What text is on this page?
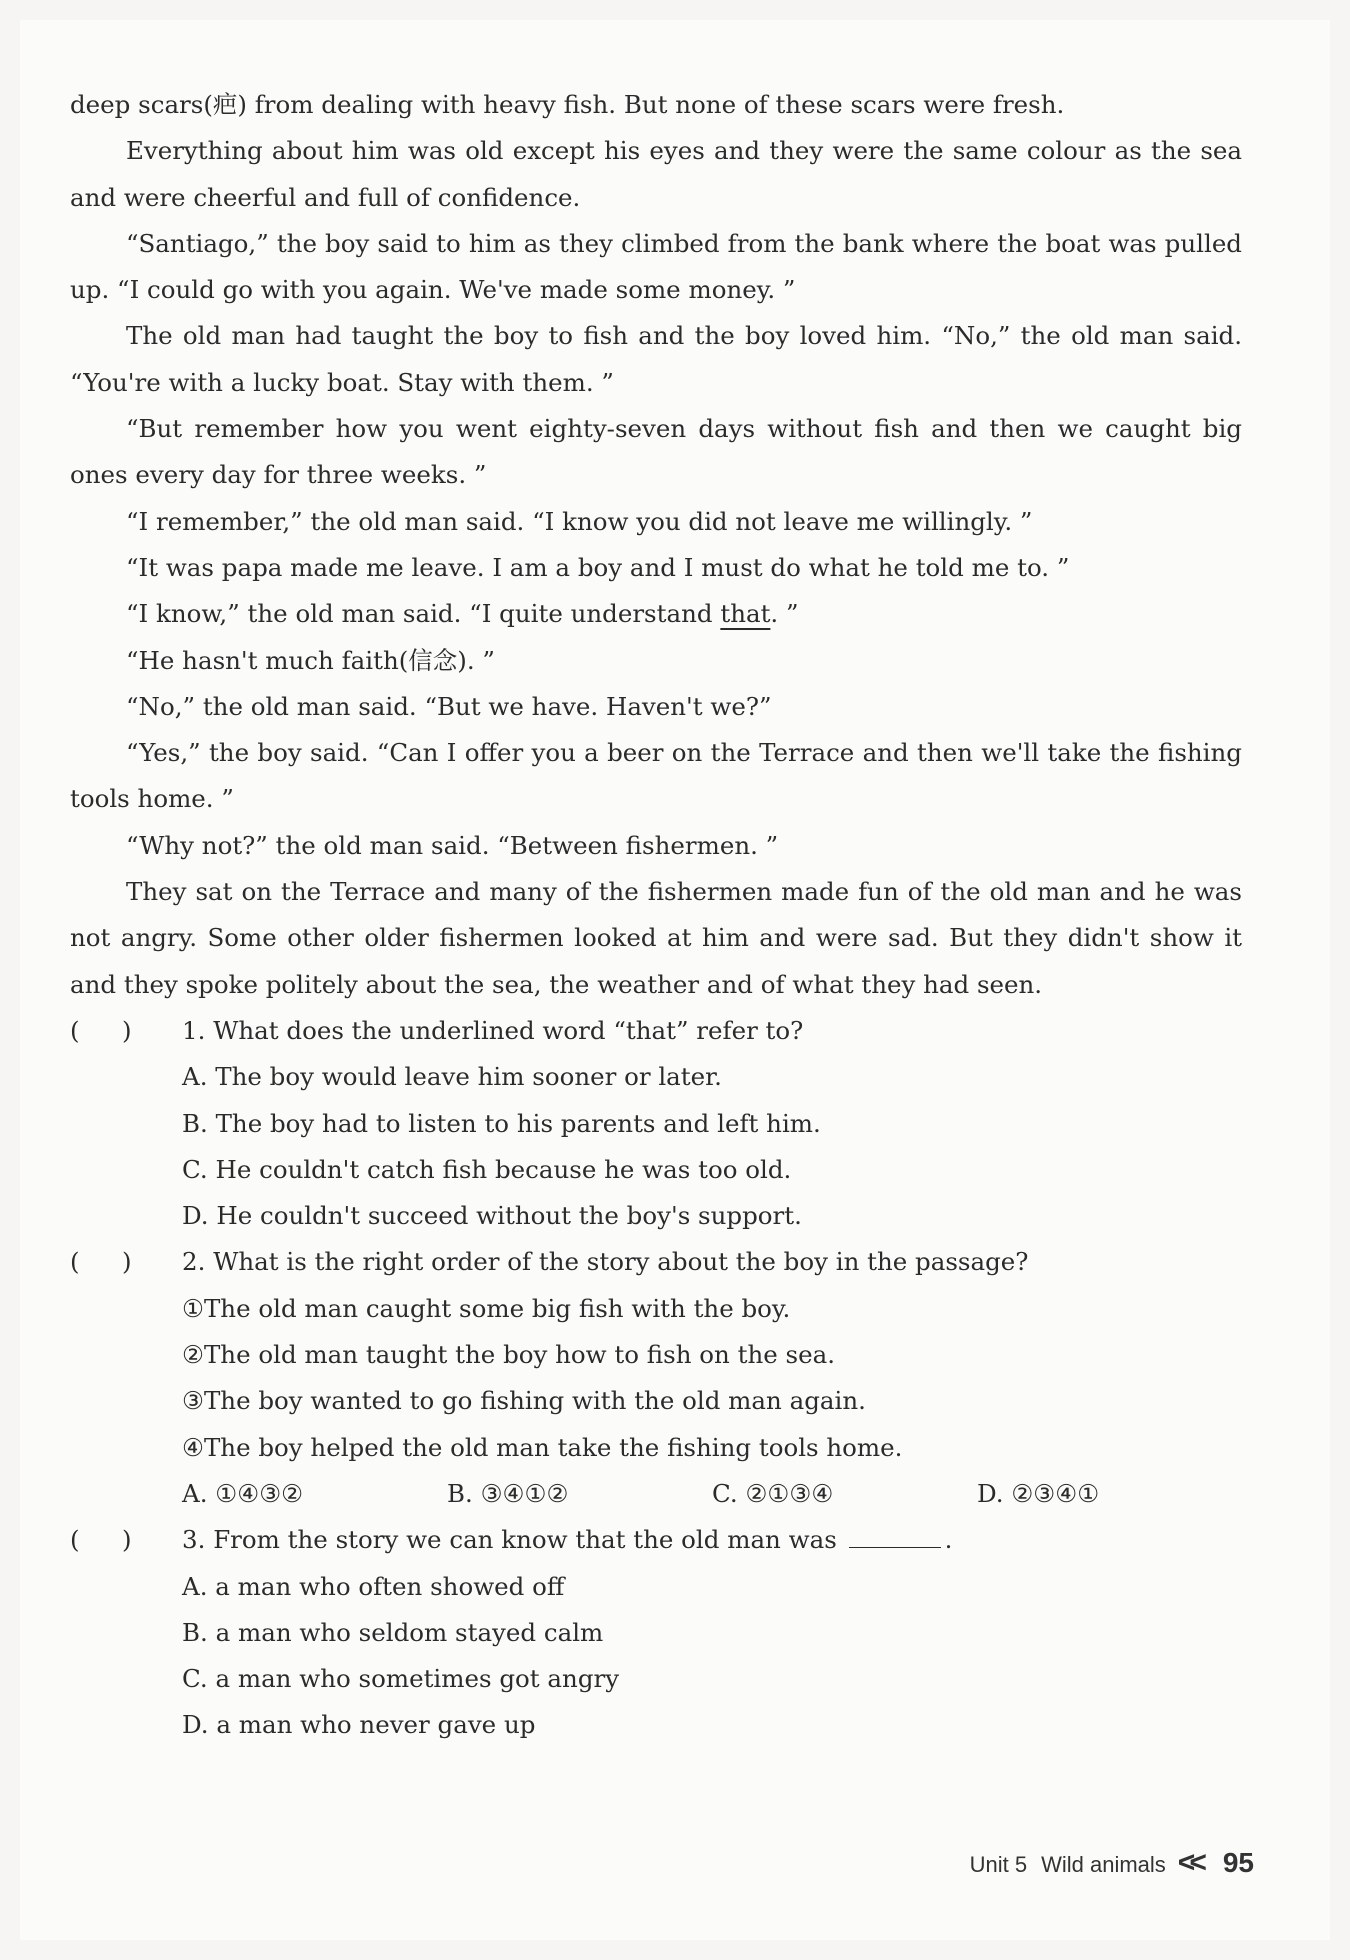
deep scars(疤) from dealing with heavy fish. But none of these scars were fresh.

Everything about him was old except his eyes and they were the same colour as the sea and were cheerful and full of confidence.

“Santiago,” the boy said to him as they climbed from the bank where the boat was pulled up. “I could go with you again. We've made some money. ”

The old man had taught the boy to fish and the boy loved him. “No,” the old man said. “You're with a lucky boat. Stay with them. ”

“But remember how you went eighty-seven days without fish and then we caught big ones every day for three weeks. ”

“I remember,” the old man said. “I know you did not leave me willingly. ”

“It was papa made me leave. I am a boy and I must do what he told me to. ”

“I know,” the old man said. “I quite understand that. ”

“He hasn't much faith(信念). ”

“No,” the old man said. “But we have. Haven't we?”

“Yes,” the boy said. “Can I offer you a beer on the Terrace and then we'll take the fishing tools home. ”

“Why not?” the old man said. “Between fishermen. ”

They sat on the Terrace and many of the fishermen made fun of the old man and he was not angry. Some other older fishermen looked at him and were sad. But they didn't show it and they spoke politely about the sea, the weather and of what they had seen.

( ) 1. What does the underlined word “that” refer to?

A. The boy would leave him sooner or later.

B. The boy had to listen to his parents and left him.

C. He couldn't catch fish because he was too old.

D. He couldn't succeed without the boy's support.

( ) 2. What is the right order of the story about the boy in the passage?

①The old man caught some big fish with the boy.

②The old man taught the boy how to fish on the sea.

③The boy wanted to go fishing with the old man again.

④The boy helped the old man take the fishing tools home.

A. ①④③②	B. ③④①②	C. ②①③④	D. ②③④①

( ) 3. From the story we can know that the old man was	.

A. a man who often showed off

B. a man who seldom stayed calm

C. a man who sometimes got angry

D. a man who never gave up

Unit 5 Wild animals << 95
